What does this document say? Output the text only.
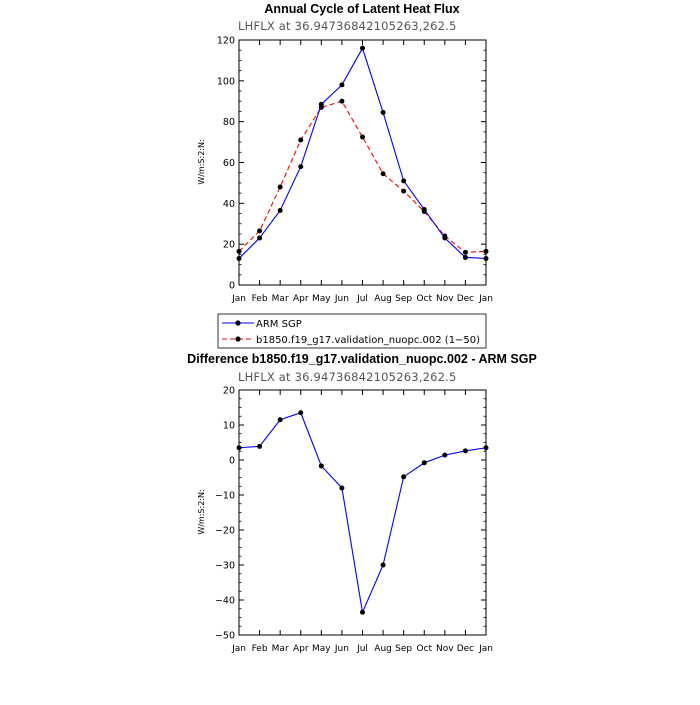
Annual Cycle of Latent Heat Flux
LHFLX at 36.94736842105263,262.5
W/m:S:2:N:
0
20
40
60
80
100
120
Jan Feb Mar Apr May Jun Jul Aug Sep Oct Nov Dec Jan
ARM SGP
b1850.f19_g17.validation_nuopc.002 (1−50)
Difference b1850.f19_g17.validation_nuopc.002 - ARM SGP
LHFLX at 36.94736842105263,262.5
W/m:S:2:N:
−50
−40
−30
−20
−10
0
10
20
Jan Feb Mar Apr May Jun Jul Aug Sep Oct Nov Dec Jan
